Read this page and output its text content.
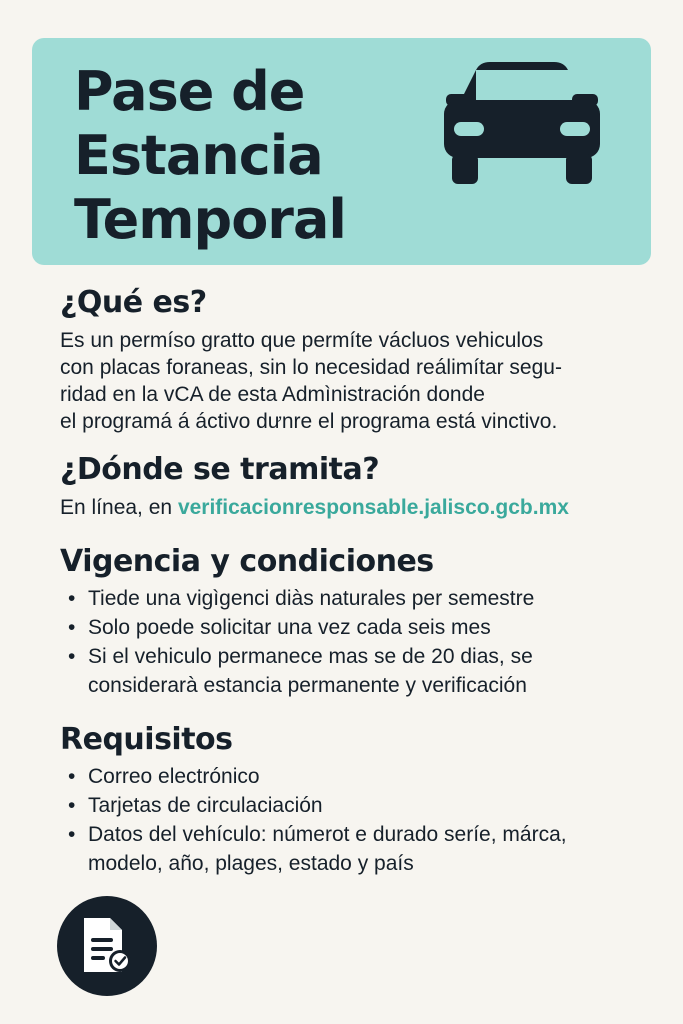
Pase de
Estancia
Temporal
¿Qué es?

Es un permíso gratto que permíte václuos vehiculos
con placas foraneas, sin lo necesidad reálimítar segu-
ridad en la vCA de esta Admìnistración donde
el programá á áctivo dưnre el programa está vinctivo.

¿Dónde se tramita?

En línea, en verificacionresponsable.jalisco.gcb.mx

Vigencia y condiciones
• Tiede una vigìgenci diàs naturales per semestre
• Solo poede solicitar una vez cada seis mes
• Si el vehiculo permanece mas se de 20 dias, se considerarà estancia permanente y verificación
Requisitos
• Correo electrónico
• Tarjetas de circulaciación
• Datos del vehículo: númerot e durado seríe, márca, modelo, año, plages, estado y país
